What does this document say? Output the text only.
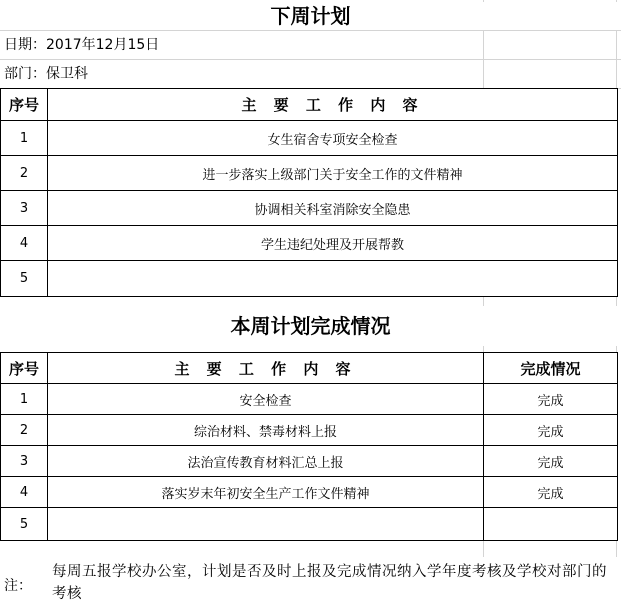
下周计划
日期：2017年12月15日
部门：保卫科
序号	主 要 工 作 内 容
1	女生宿舍专项安全检查
2	进一步落实上级部门关于安全工作的文件精神
3	协调相关科室消除安全隐患
4	学生违纪处理及开展帮教
5	
本周计划完成情况
序号	主 要 工 作 内 容	完成情况
1	安全检查	完成
2	综治材料、禁毒材料上报	完成
3	法治宣传教育材料汇总上报	完成
4	落实岁末年初安全生产工作文件精神	完成
5		
注：
每周五报学校办公室，计划是否及时上报及完成情况纳入学年度考核及学校对部门的考核
